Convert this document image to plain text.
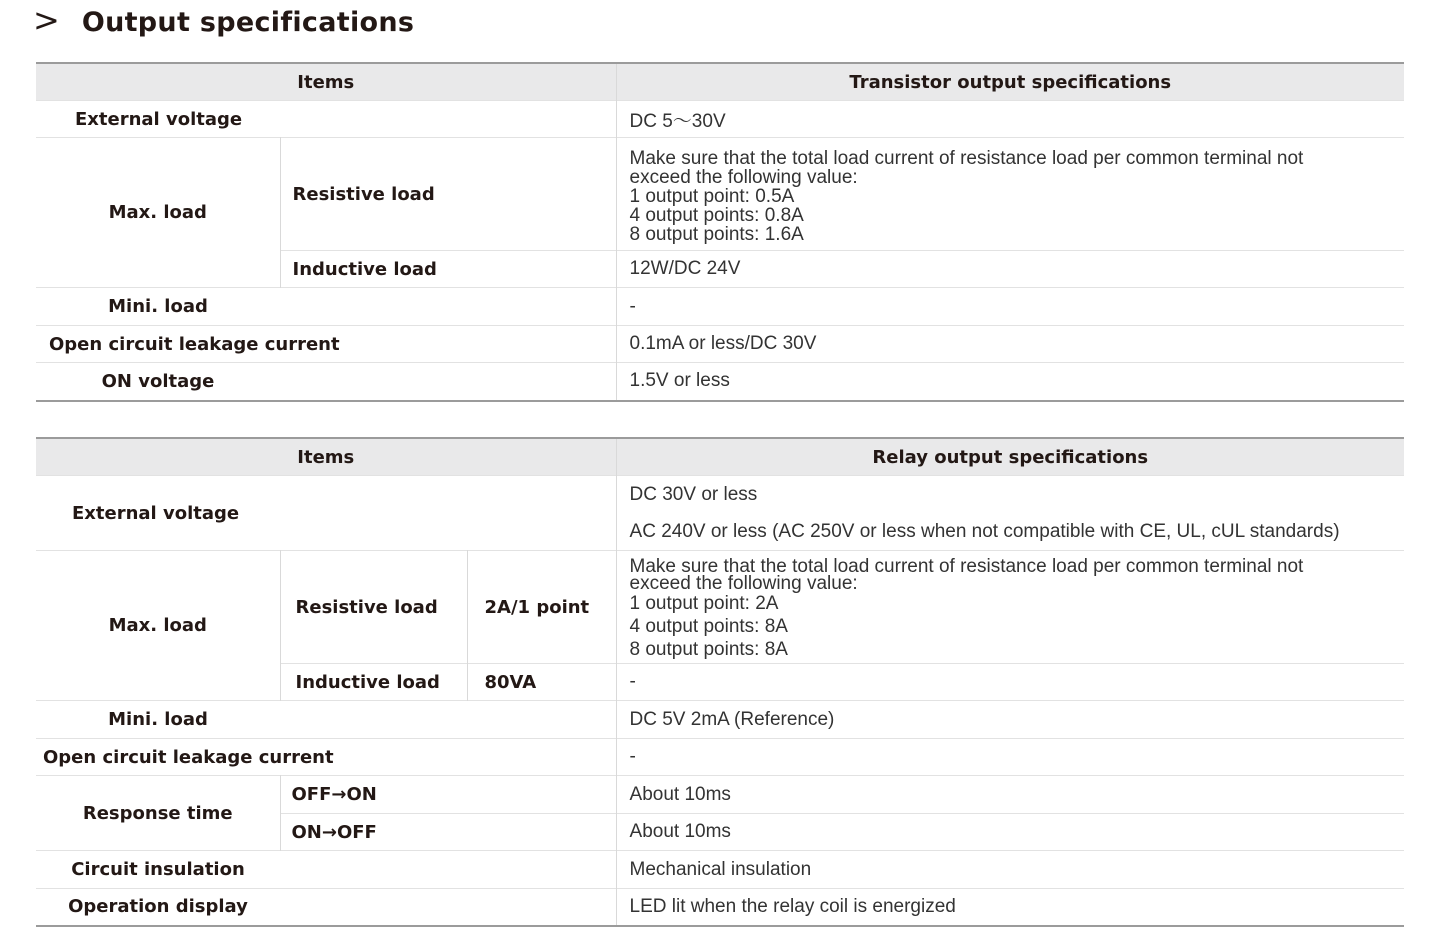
> Output specifications
Items		Transistor output specifications
External voltage		DC 5～30V
Max. load	Resistive load	Make sure that the total load current of resistance load per common terminal not
exceed the following value:
1 output point: 0.5A
4 output points: 0.8A
8 output points: 1.6A

	Inductive load	12W/DC 24V
Mini. load		-
Open circuit leakage current		0.1mA or less/DC 30V
ON voltage		1.5V or less
Items			Relay output specifications
External voltage			DC 30V or less
AC 240V or less (AC 250V or less when not compatible with CE, UL, cUL standards)

Max. load	Resistive load	2A/1 point	Make sure that the total load current of resistance load per common terminal not
exceed the following value:
1 output point: 2A
4 output points: 8A
8 output points: 8A

	Inductive load	80VA	-
Mini. load			DC 5V 2mA (Reference)
Open circuit leakage current			-
Response time	OFF→ON		About 10ms
	ON→OFF		About 10ms
Circuit insulation			Mechanical insulation
Operation display			LED lit when the relay coil is energized
